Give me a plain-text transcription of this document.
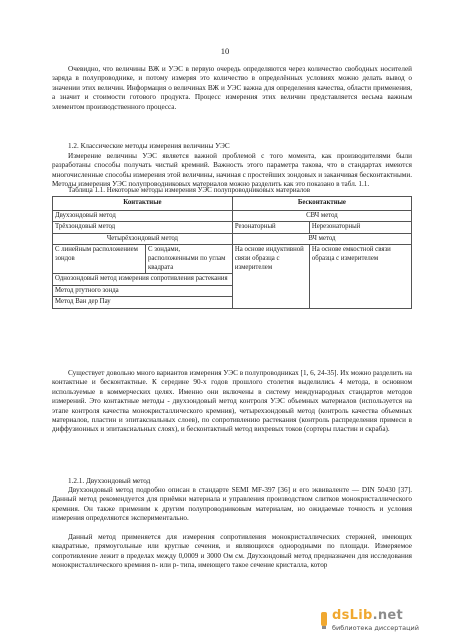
10

Очевидно, что величины ВЖ и УЭС в первую очередь определяются через количество свободных носителей заряда в полупроводнике, и потому измеряя это количество в определённых условиях можно делать вывод о значении этих величин. Информация о величинах ВЖ и УЭС важна для определения качества, области применения, а значит и стоимости готового продукта. Процесс измерения этих величин представляется весьма важным элементом производственного процесса.

1.2. Классические методы измерения величины УЭС

Измерение величины УЭС является важной проблемой с того момента, как производителями были разработаны способы получать чистый кремний. Важность этого параметра такова, что в стандартах имеются многочисленные способы измерения этой величины, начиная с простейших зондовых и заканчивая бесконтактными. Методы измерения УЭС полупроводниковых материалов можно разделить как это показано в табл. 1.1.

Таблица 1.1. Некоторые методы измерения УЭС полупроводниковых материалов

Контактные		Бесконтактные	
Двухзондовый метод		СВЧ метод	
Трёхзондовый метод		Резонаторный	Нерезонаторный
Четырёхзондовый метод		ВЧ метод	
С линейным расположением зондов	С зондами, расположенными по углам квадрата	На основе индуктивной связи образца с измерителем	На основе емкостной связи образца с измерителем
Однозондовый метод измерения сопротивления растекания			
Метод ртутного зонда			
Метод Ван дер Пау			

Существует довольно много вариантов измерения УЭС в полупроводниках [1, 6, 24-35]. Их можно разделить на контактные и бесконтактные. К середине 90-х годов прошлого столетия выделились 4 метода, в основном используемые в коммерческих целях. Именно они включены в систему международных стандартов методов измерений. Это контактные методы - двухзондовый метод контроля УЭС объемных материалов (используется на этапе контроля качества монокристаллического кремния), четырехзондовый метод (контроль качества объемных материалов, пластин и эпитаксиальных слоев), по сопротивлению растекания (контроль распределения примеси в диффузионных и эпитаксиальных слоях), и бесконтактный метод вихревых токов (сортеры пластин и скраба).

1.2.1. Двухзондовый метод

Двухзондовый метод подробно описан в стандарте SEMI MF-397 [36] и его эквиваленте — DIN 50430 [37]. Данный метод рекомендуется для приёмки материала и управления производством слитков монокристаллического кремния. Он также применим к другим полупроводниковым материалам, но ожидаемые точность и условия измерения определяются экспериментально.

Данный метод применяется для измерения сопротивления монокристаллических стержней, имеющих квадратные, прямоугольные или круглые сечения, и являющихся однородными по площади. Измеряемое сопротивление лежит в пределах между 0,0009 и 3000 Ом см. Двухзондовый метод предназначен для исследования монокристаллического кремния n- или p- типа, имеющего такое сечение кристалла, котор

dsLib.net
библиотека диссертаций
